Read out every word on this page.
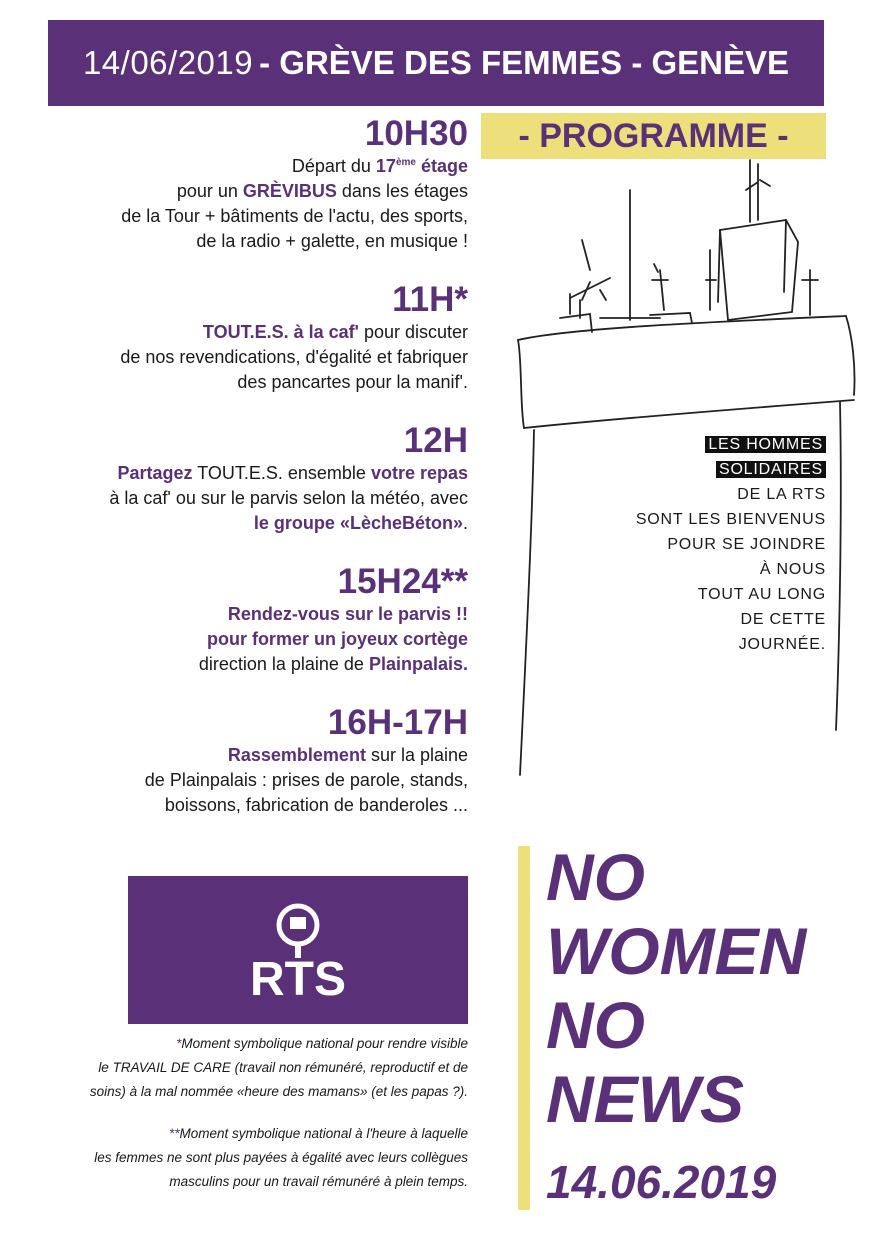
14/06/2019 - GRÈVE DES FEMMES - GENÈVE
- PROGRAMME -
10H30

Départ du 17ème étage

pour un GRÈVIBUS dans les étages

de la Tour + bâtiments de l'actu, des sports,

de la radio + galette, en musique !

11H*

TOUT.E.S. à la caf' pour discuter

de nos revendications, d'égalité et fabriquer

des pancartes pour la manif'.

12H

Partagez TOUT.E.S. ensemble votre repas

à la caf' ou sur le parvis selon la météo, avec

le groupe «LècheBéton».

15H24**

Rendez-vous sur le parvis !!

pour former un joyeux cortège

direction la plaine de Plainpalais.

16H-17H

Rassemblement sur la plaine

de Plainpalais : prises de parole, stands,

boissons, fabrication de banderoles ...

RTS

*Moment symbolique national pour rendre visible
le TRAVAIL DE CARE (travail non rémunéré, reproductif et de
soins) à la mal nommée «heure des mamans» (et les papas ?).

**Moment symbolique national à l'heure à laquelle
les femmes ne sont plus payées à égalité avec leurs collègues
masculins pour un travail rémunéré à plein temps.

LES HOMMES
SOLIDAIRES
DE LA RTS
SONT LES BIENVENUS
POUR SE JOINDRE
À NOUS
TOUT AU LONG
DE CETTE
JOURNÉE.
NO
WOMEN
NO
NEWS
14.06.2019
